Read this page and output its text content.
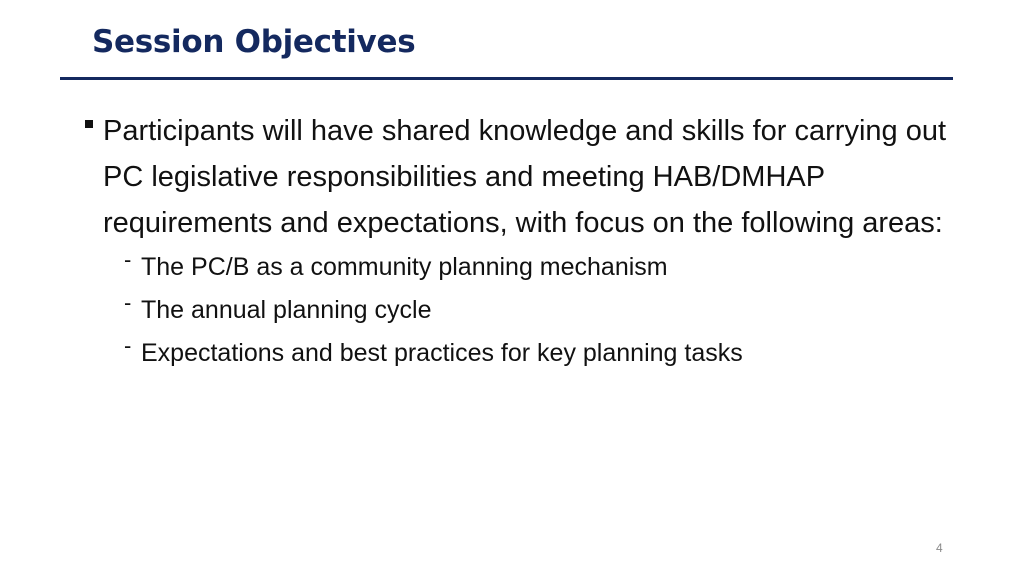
Session Objectives
Participants will have shared knowledge and skills for carrying out PC legislative responsibilities and meeting HAB/DMHAP requirements and expectations, with focus on the following areas:
- The PC/B as a community planning mechanism
- The annual planning cycle
- Expectations and best practices for key planning tasks
4
